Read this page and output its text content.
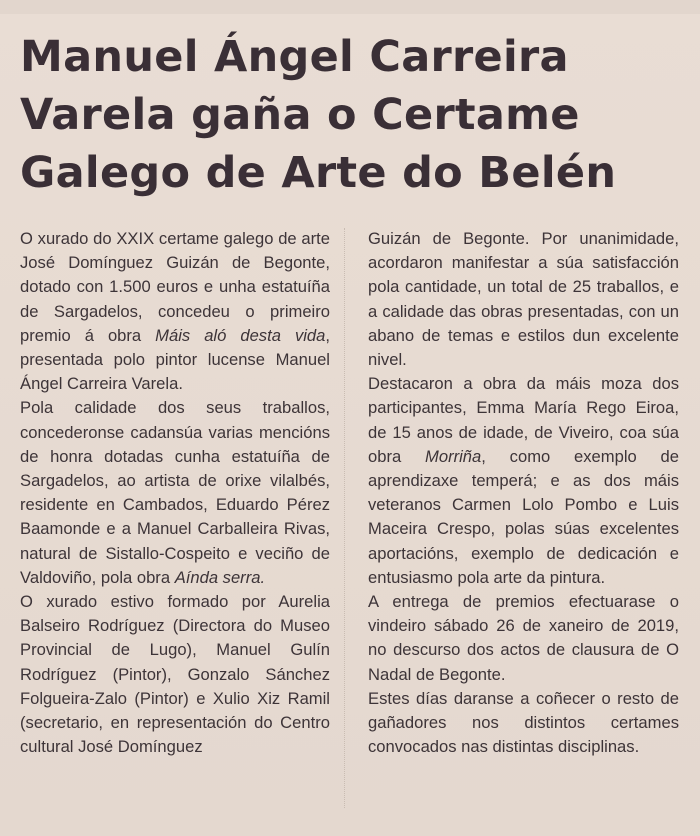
Manuel Ángel Carreira Varela gaña o Certame Galego de Arte do Belén

O xurado do XXIX certame galego de arte José Domínguez Guizán de Begonte, dotado con 1.500 euros e unha estatuíña de Sargadelos, concedeu o primeiro premio á obra Máis aló desta vida, presentada polo pintor lucense Manuel Ángel Carreira Varela.

Pola calidade dos seus traballos, concederonse cadansúa varias mencións de honra dotadas cunha estatuíña de Sargadelos, ao artista de orixe vilalbés, residente en Cambados, Eduardo Pérez Baamonde e a Manuel Carballeira Rivas, natural de Sistallo-Cospeito e veciño de Valdoviño, pola obra Aínda serra.

O xurado estivo formado por Aurelia Balseiro Rodríguez (Directora do Museo Provincial de Lugo), Manuel Gulín Rodríguez (Pintor), Gonzalo Sánchez Folgueira-Zalo (Pintor) e Xulio Xiz Ramil (secretario, en representación do Centro cultural José Domínguez

Guizán de Begonte. Por unanimidade, acordaron manifestar a súa satisfacción pola cantidade, un total de 25 traballos, e a calidade das obras presentadas, con un abano de temas e estilos dun excelente nivel.

Destacaron a obra da máis moza dos participantes, Emma María Rego Eiroa, de 15 anos de idade, de Viveiro, coa súa obra Morriña, como exemplo de aprendizaxe temperá; e as dos máis veteranos Carmen Lolo Pombo e Luis Maceira Crespo, polas súas excelentes aportacións, exemplo de dedicación e entusiasmo pola arte da pintura.

A entrega de premios efectuarase o vindeiro sábado 26 de xaneiro de 2019, no descurso dos actos de clausura de O Nadal de Begonte.

Estes días daranse a coñecer o resto de gañadores nos distintos certames convocados nas distintas disciplinas.
